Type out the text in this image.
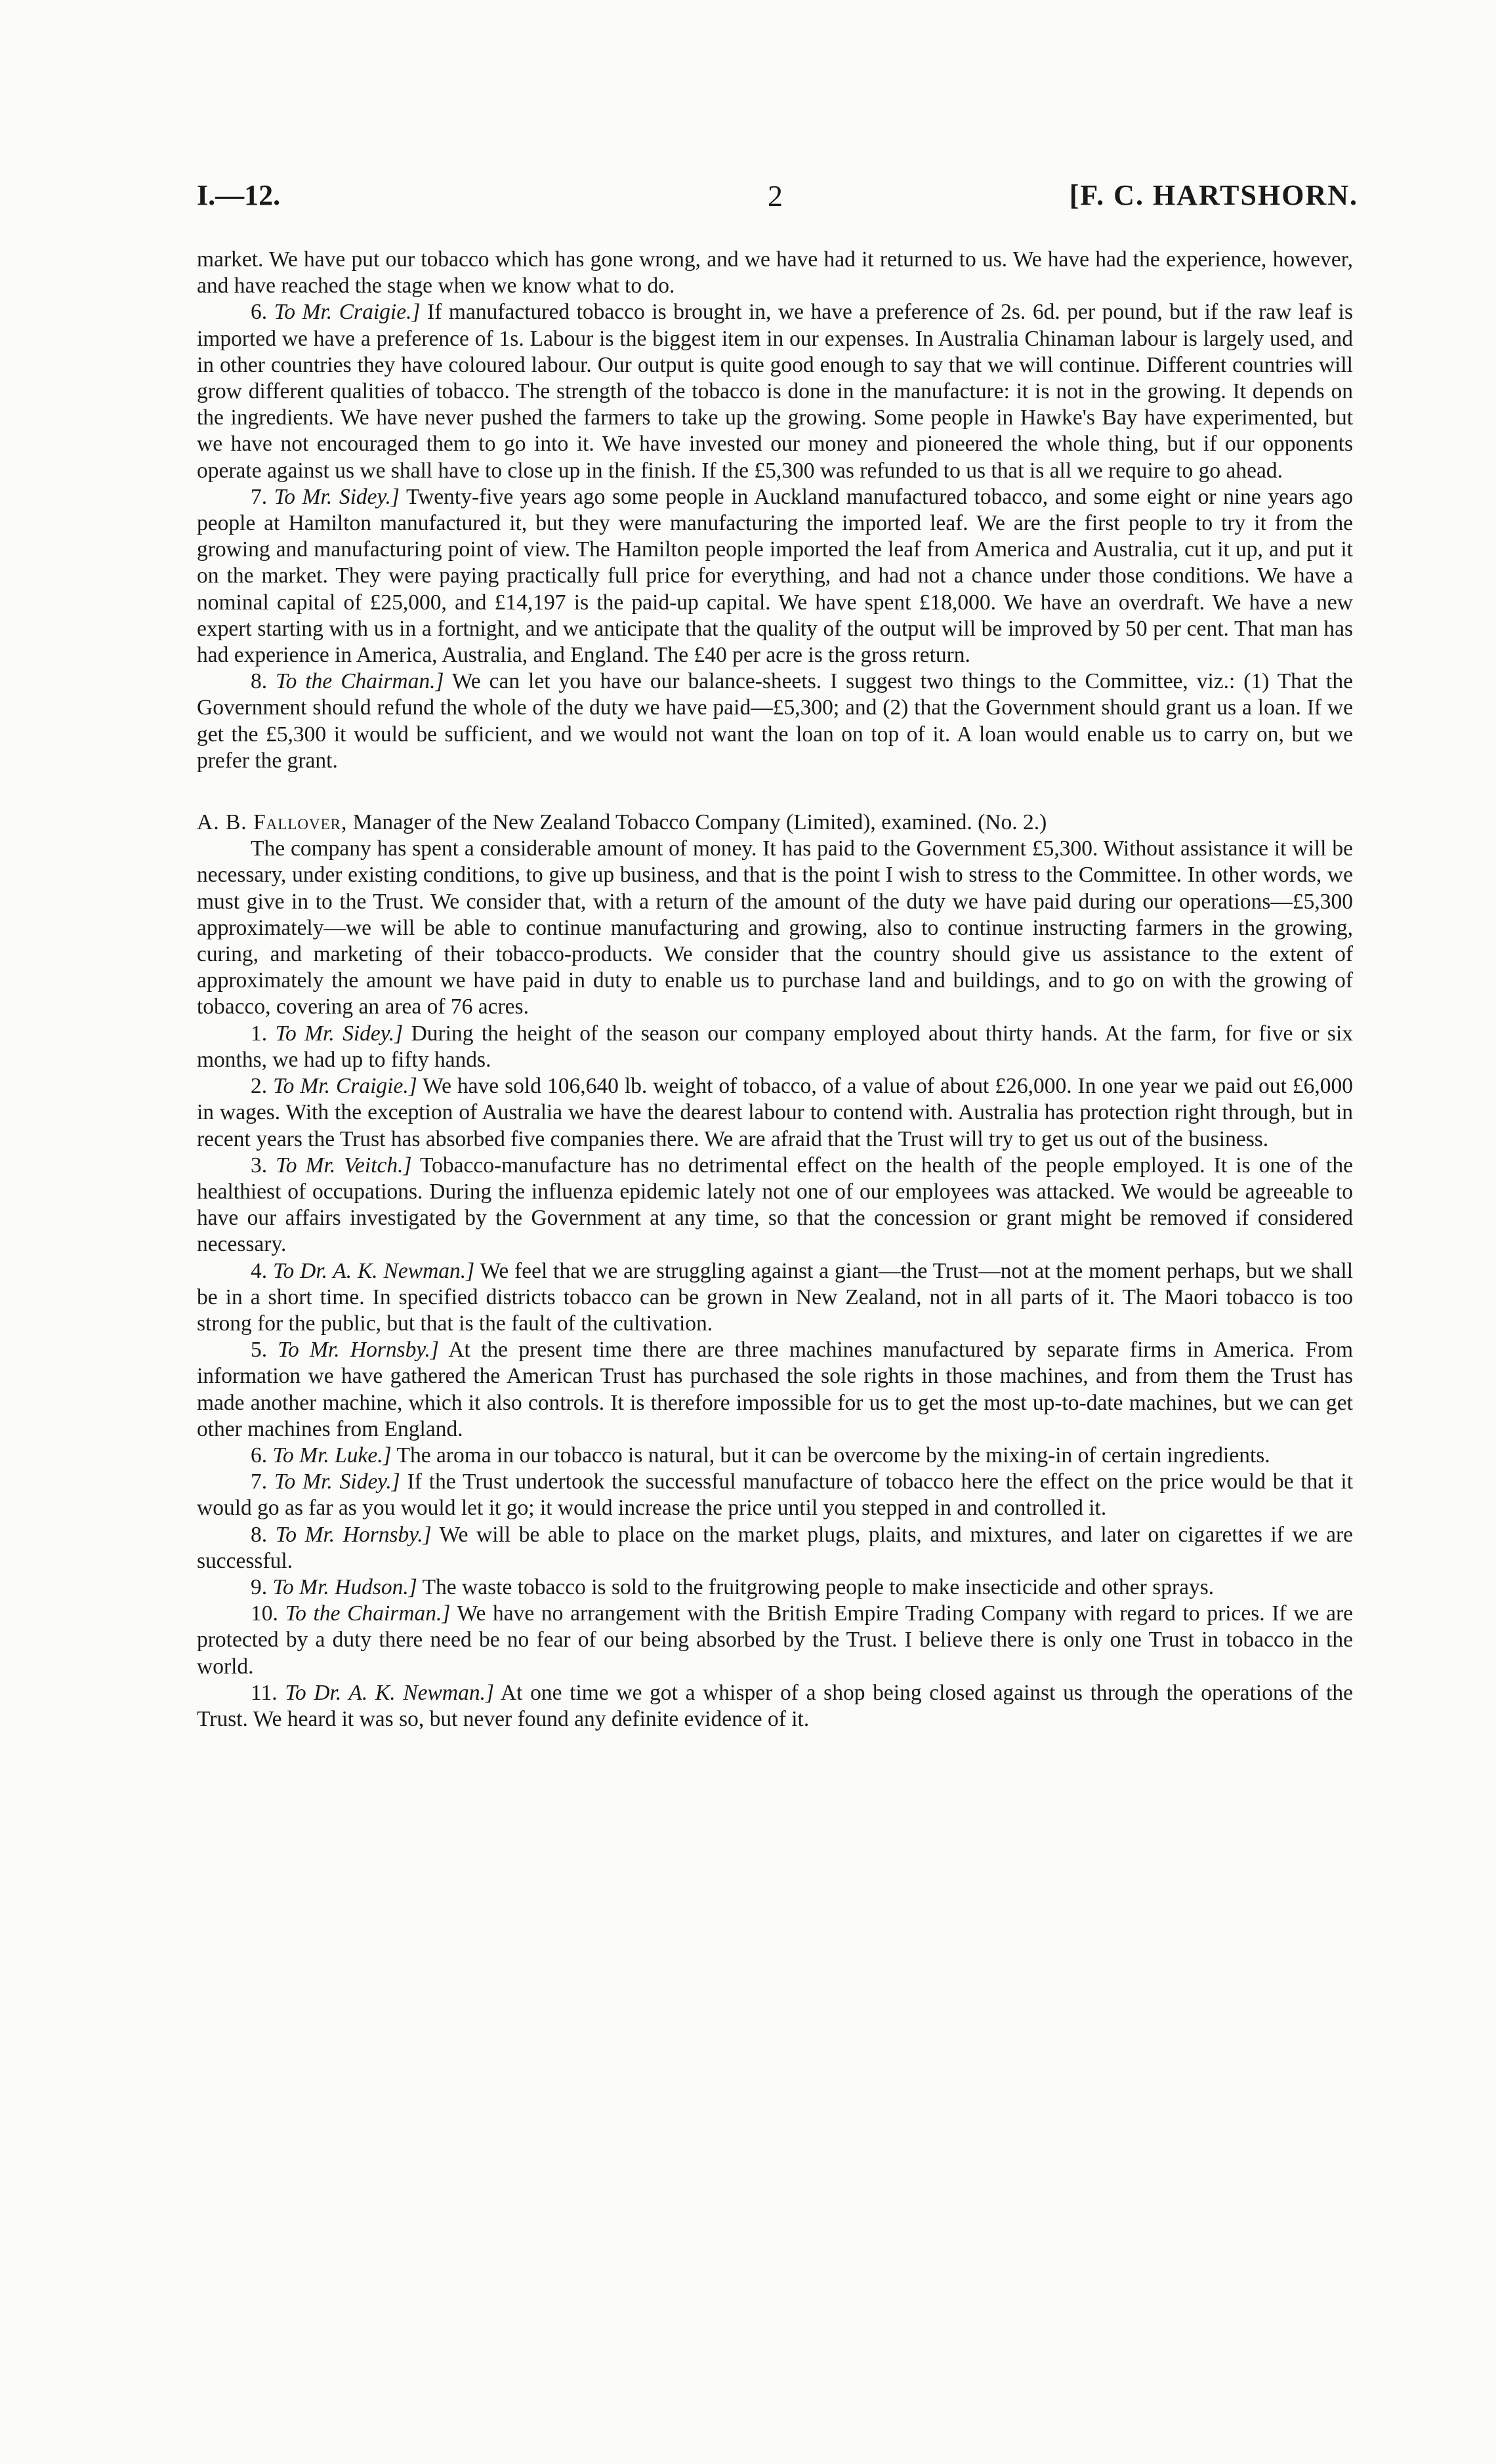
I.—12.	2	[F. C. HARTSHORN.

market. We have put our tobacco which has gone wrong, and we have had it returned to us. We have had the experience, however, and have reached the stage when we know what to do.

6. To Mr. Craigie.] If manufactured tobacco is brought in, we have a preference of 2s. 6d. per pound, but if the raw leaf is imported we have a preference of 1s. Labour is the biggest item in our expenses. In Australia Chinaman labour is largely used, and in other countries they have coloured labour. Our output is quite good enough to say that we will continue. Different countries will grow different qualities of tobacco. The strength of the tobacco is done in the manufacture: it is not in the growing. It depends on the ingredients. We have never pushed the farmers to take up the growing. Some people in Hawke's Bay have experimented, but we have not encouraged them to go into it. We have invested our money and pioneered the whole thing, but if our opponents operate against us we shall have to close up in the finish. If the £5,300 was refunded to us that is all we require to go ahead.

7. To Mr. Sidey.] Twenty-five years ago some people in Auckland manufactured tobacco, and some eight or nine years ago people at Hamilton manufactured it, but they were manufacturing the imported leaf. We are the first people to try it from the growing and manufacturing point of view. The Hamilton people imported the leaf from America and Australia, cut it up, and put it on the market. They were paying practically full price for everything, and had not a chance under those conditions. We have a nominal capital of £25,000, and £14,197 is the paid-up capital. We have spent £18,000. We have an overdraft. We have a new expert starting with us in a fortnight, and we anticipate that the quality of the output will be improved by 50 per cent. That man has had experience in America, Australia, and England. The £40 per acre is the gross return.

8. To the Chairman.] We can let you have our balance-sheets. I suggest two things to the Committee, viz.: (1) That the Government should refund the whole of the duty we have paid—£5,300; and (2) that the Government should grant us a loan. If we get the £5,300 it would be sufficient, and we would not want the loan on top of it. A loan would enable us to carry on, but we prefer the grant.

A. B. Fallover, Manager of the New Zealand Tobacco Company (Limited), examined. (No. 2.)

The company has spent a considerable amount of money. It has paid to the Government £5,300. Without assistance it will be necessary, under existing conditions, to give up business, and that is the point I wish to stress to the Committee. In other words, we must give in to the Trust. We consider that, with a return of the amount of the duty we have paid during our operations—£5,300 approximately—we will be able to continue manufacturing and growing, also to continue instructing farmers in the growing, curing, and marketing of their tobacco-products. We consider that the country should give us assistance to the extent of approximately the amount we have paid in duty to enable us to purchase land and buildings, and to go on with the growing of tobacco, covering an area of 76 acres.

1. To Mr. Sidey.] During the height of the season our company employed about thirty hands. At the farm, for five or six months, we had up to fifty hands.

2. To Mr. Craigie.] We have sold 106,640 lb. weight of tobacco, of a value of about £26,000. In one year we paid out £6,000 in wages. With the exception of Australia we have the dearest labour to contend with. Australia has protection right through, but in recent years the Trust has absorbed five companies there. We are afraid that the Trust will try to get us out of the business.

3. To Mr. Veitch.] Tobacco-manufacture has no detrimental effect on the health of the people employed. It is one of the healthiest of occupations. During the influenza epidemic lately not one of our employees was attacked. We would be agreeable to have our affairs investigated by the Government at any time, so that the concession or grant might be removed if considered necessary.

4. To Dr. A. K. Newman.] We feel that we are struggling against a giant—the Trust—not at the moment perhaps, but we shall be in a short time. In specified districts tobacco can be grown in New Zealand, not in all parts of it. The Maori tobacco is too strong for the public, but that is the fault of the cultivation.

5. To Mr. Hornsby.] At the present time there are three machines manufactured by separate firms in America. From information we have gathered the American Trust has purchased the sole rights in those machines, and from them the Trust has made another machine, which it also controls. It is therefore impossible for us to get the most up-to-date machines, but we can get other machines from England.

6. To Mr. Luke.] The aroma in our tobacco is natural, but it can be overcome by the mixing-in of certain ingredients.

7. To Mr. Sidey.] If the Trust undertook the successful manufacture of tobacco here the effect on the price would be that it would go as far as you would let it go; it would increase the price until you stepped in and controlled it.

8. To Mr. Hornsby.] We will be able to place on the market plugs, plaits, and mixtures, and later on cigarettes if we are successful.

9. To Mr. Hudson.] The waste tobacco is sold to the fruitgrowing people to make insecticide and other sprays.

10. To the Chairman.] We have no arrangement with the British Empire Trading Company with regard to prices. If we are protected by a duty there need be no fear of our being absorbed by the Trust. I believe there is only one Trust in tobacco in the world.

11. To Dr. A. K. Newman.] At one time we got a whisper of a shop being closed against us through the operations of the Trust. We heard it was so, but never found any definite evidence of it.
